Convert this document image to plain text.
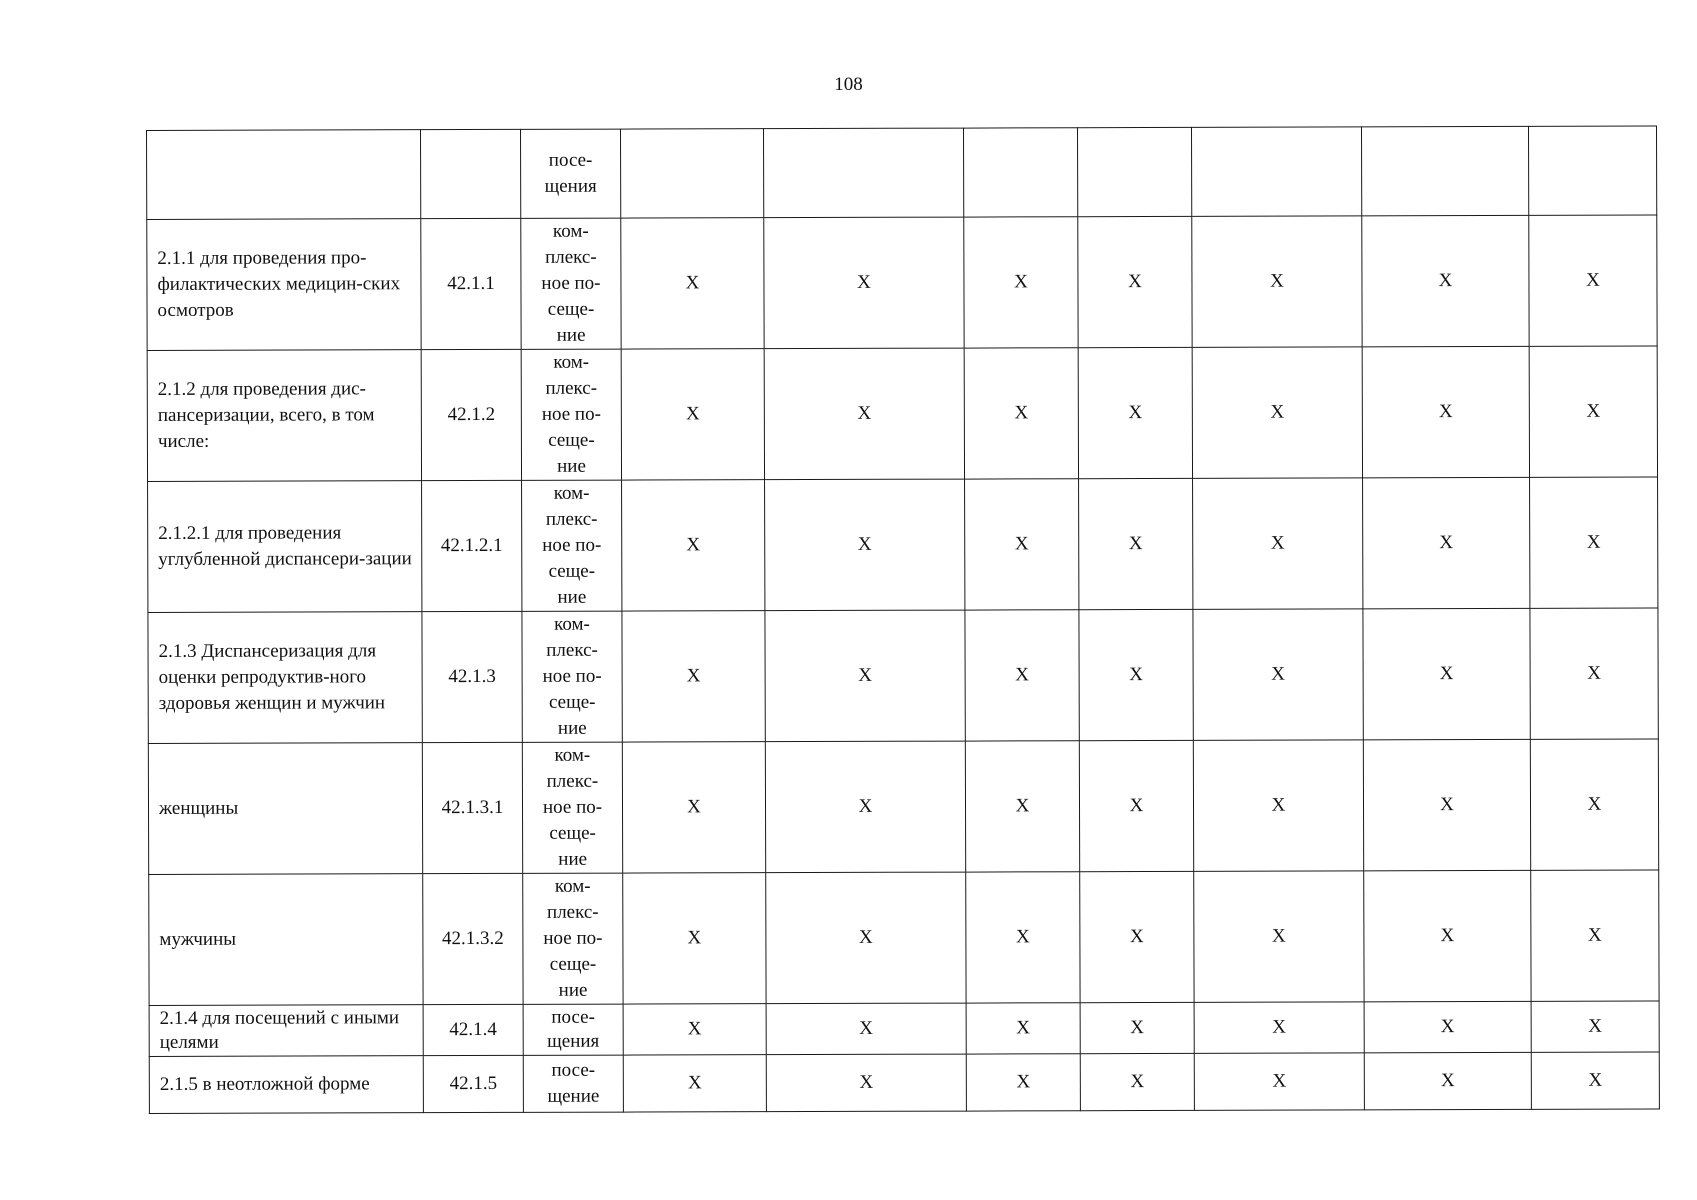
108
		посе-
щения							
2.1.1 для проведения про-филактических медицин-ских осмотров	42.1.1	ком-
плекс-
ное по-
сеще-
ние	Х	Х	Х	Х	Х	Х	Х
2.1.2 для проведения дис-пансеризации, всего, в том числе:	42.1.2	ком-
плекс-
ное по-
сеще-
ние	Х	Х	Х	Х	Х	Х	Х
2.1.2.1 для проведения углубленной диспансери-зации	42.1.2.1	ком-
плекс-
ное по-
сеще-
ние	Х	Х	Х	Х	Х	Х	Х
2.1.3 Диспансеризация для оценки репродуктив-ного здоровья женщин и мужчин	42.1.3	ком-
плекс-
ное по-
сеще-
ние	Х	Х	Х	Х	Х	Х	Х
женщины	42.1.3.1	ком-
плекс-
ное по-
сеще-
ние	Х	Х	Х	Х	Х	Х	Х
мужчины	42.1.3.2	ком-
плекс-
ное по-
сеще-
ние	Х	Х	Х	Х	Х	Х	Х
2.1.4 для посещений с иными целями	42.1.4	посе-
щения	Х	Х	Х	Х	Х	Х	Х
2.1.5 в неотложной форме	42.1.5	посе-
щение	Х	Х	Х	Х	Х	Х	Х
